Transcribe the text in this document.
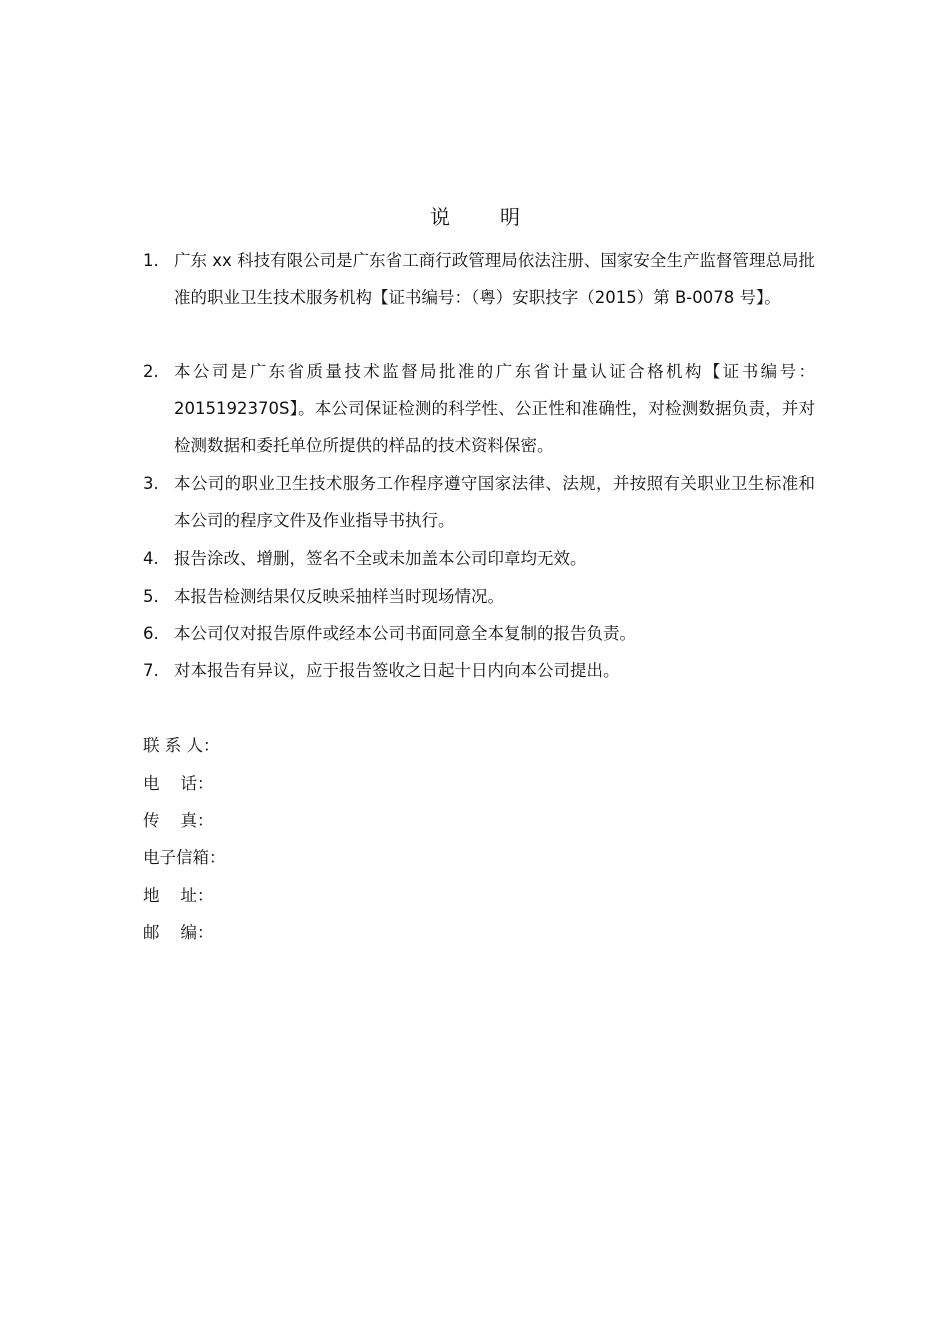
说明
1. 广东 xx 科技有限公司是广东省工商行政管理局依法注册、国家安全生产监督管理总局批准的职业卫生技术服务机构【证书编号：（粤）安职技字（2015）第 B-0078 号】。
2. 本公司是广东省质量技术监督局批准的广东省计量认证合格机构【证书编号：2015192370S】。本公司保证检测的科学性、公正性和准确性，对检测数据负责，并对检测数据和委托单位所提供的样品的技术资料保密。
3. 本公司的职业卫生技术服务工作程序遵守国家法律、法规，并按照有关职业卫生标准和本公司的程序文件及作业指导书执行。
4. 报告涂改、增删，签名不全或未加盖本公司印章均无效。
5. 本报告检测结果仅反映采抽样当时现场情况。
6. 本公司仅对报告原件或经本公司书面同意全本复制的报告负责。
7. 对本报告有异议，应于报告签收之日起十日内向本公司提出。
联 系 人：
电    话：
传    真：
电子信箱：
地    址：
邮    编：
